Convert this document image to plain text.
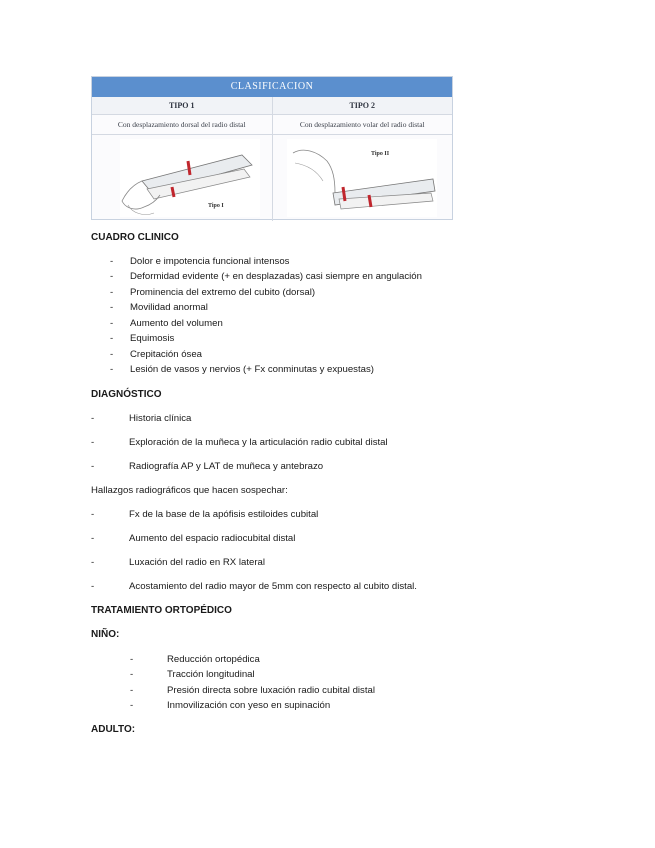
CLASIFICACION
TIPO 1	TIPO 2
Con desplazamiento dorsal del radio distal	Con desplazamiento volar del radio distal
Tipo I
Tipo II
CUADRO CLINICO
- Dolor e impotencia funcional intensos
- Deformidad evidente (+ en desplazadas) casi siempre en angulación
- Prominencia del extremo del cubito (dorsal)
- Movilidad anormal
- Aumento del volumen
- Equimosis
- Crepitación ósea
- Lesión de vasos y nervios (+ Fx conminutas y expuestas)
DIAGNÓSTICO
-	Historia clínica
-	Exploración de la muñeca y la articulación radio cubital distal
-	Radiografía AP y LAT de muñeca y antebrazo
Hallazgos radiográficos que hacen sospechar:
-	Fx de la base de la apófisis estiloides cubital
-	Aumento del espacio radiocubital distal
-	Luxación del radio en RX lateral
-	Acostamiento del radio mayor de 5mm con respecto al cubito distal.
TRATAMIENTO ORTOPÉDICO
NIÑO:
-	Reducción ortopédica
-	Tracción longitudinal
-	Presión directa sobre luxación radio cubital distal
-	Inmovilización con yeso en supinación
ADULTO:
